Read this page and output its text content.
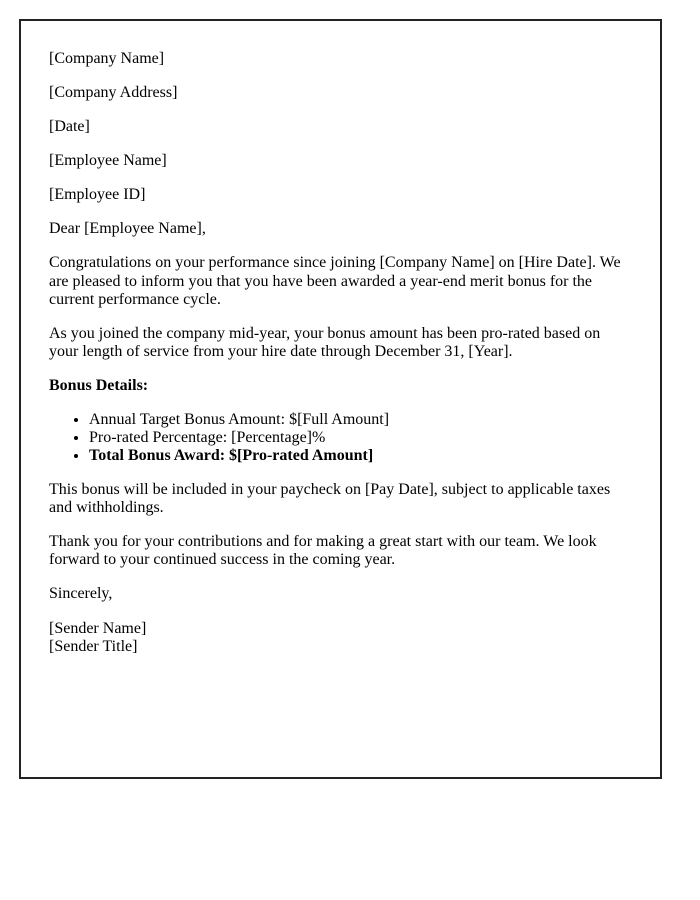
[Company Name]

[Company Address]

[Date]

[Employee Name]

[Employee ID]

Dear [Employee Name],

Congratulations on your performance since joining [Company Name] on [Hire Date]. We are pleased to inform you that you have been awarded a year-end merit bonus for the current performance cycle.

As you joined the company mid-year, your bonus amount has been pro-rated based on your length of service from your hire date through December 31, [Year].

Bonus Details:

• Annual Target Bonus Amount: $[Full Amount]
• Pro-rated Percentage: [Percentage]%
• Total Bonus Award: $[Pro-rated Amount]

This bonus will be included in your paycheck on [Pay Date], subject to applicable taxes and withholdings.

Thank you for your contributions and for making a great start with our team. We look forward to your continued success in the coming year.

Sincerely,

[Sender Name]
[Sender Title]
